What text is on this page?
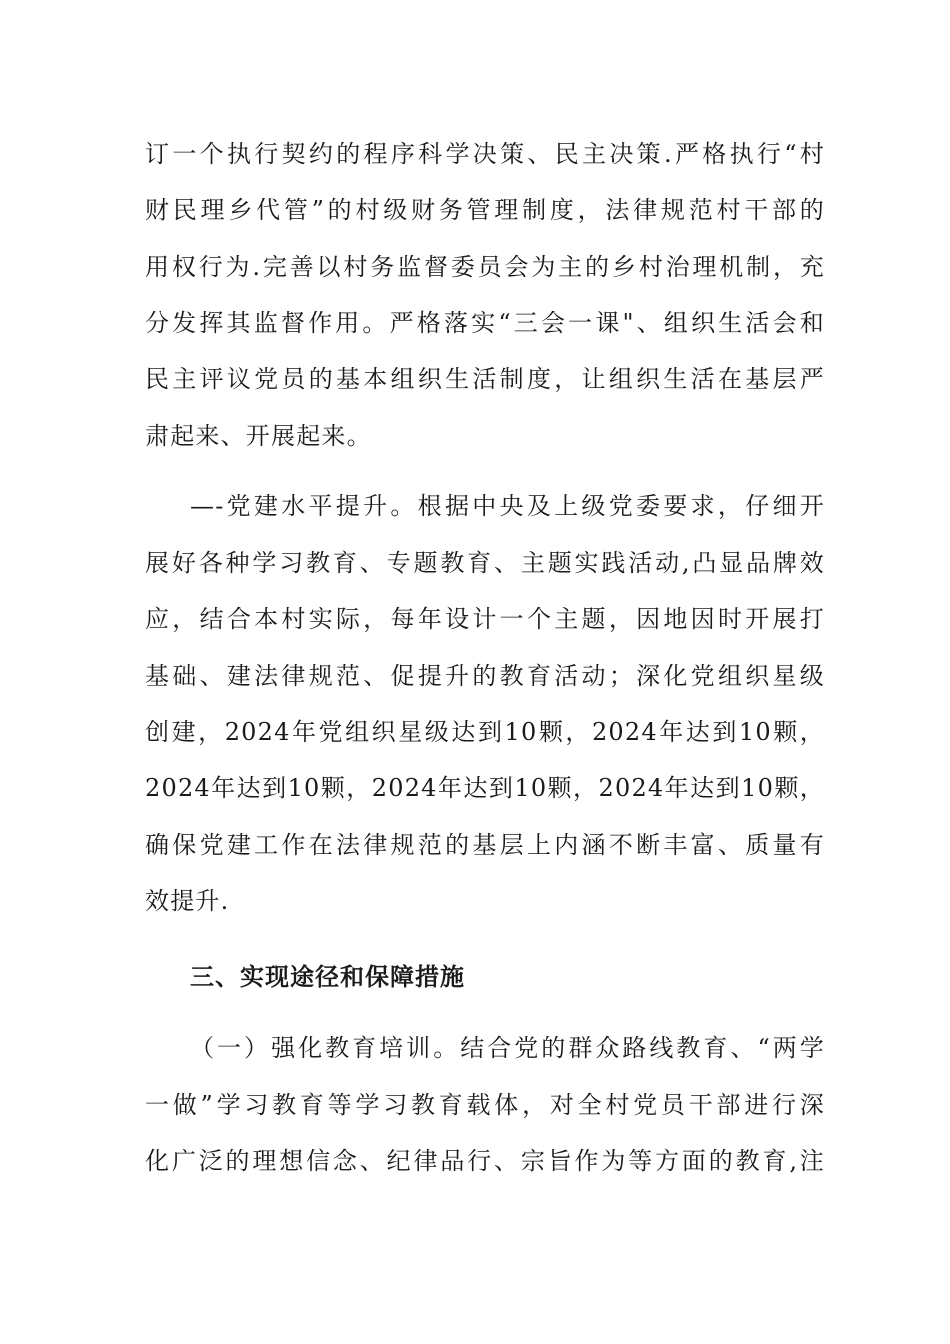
订一个执行契约的程序科学决策、民主决策.严格执行“村
财民理乡代管”的村级财务管理制度，法律规范村干部的
用权行为.完善以村务监督委员会为主的乡村治理机制，充
分发挥其监督作用。严格落实“三会一课"、组织生活会和
民主评议党员的基本组织生活制度，让组织生活在基层严
肃起来、开展起来。
—-党建水平提升。根据中央及上级党委要求，仔细开
展好各种学习教育、专题教育、主题实践活动,凸显品牌效
应，结合本村实际，每年设计一个主题，因地因时开展打
基础、建法律规范、促提升的教育活动；深化党组织星级
创建，2024年党组织星级达到10颗，2024年达到10颗，
2024年达到10颗，2024年达到10颗，2024年达到10颗，
确保党建工作在法律规范的基层上内涵不断丰富、质量有
效提升.
三、实现途径和保障措施
（一）强化教育培训。结合党的群众路线教育、“两学
一做”学习教育等学习教育载体，对全村党员干部进行深
化广泛的理想信念、纪律品行、宗旨作为等方面的教育,注
